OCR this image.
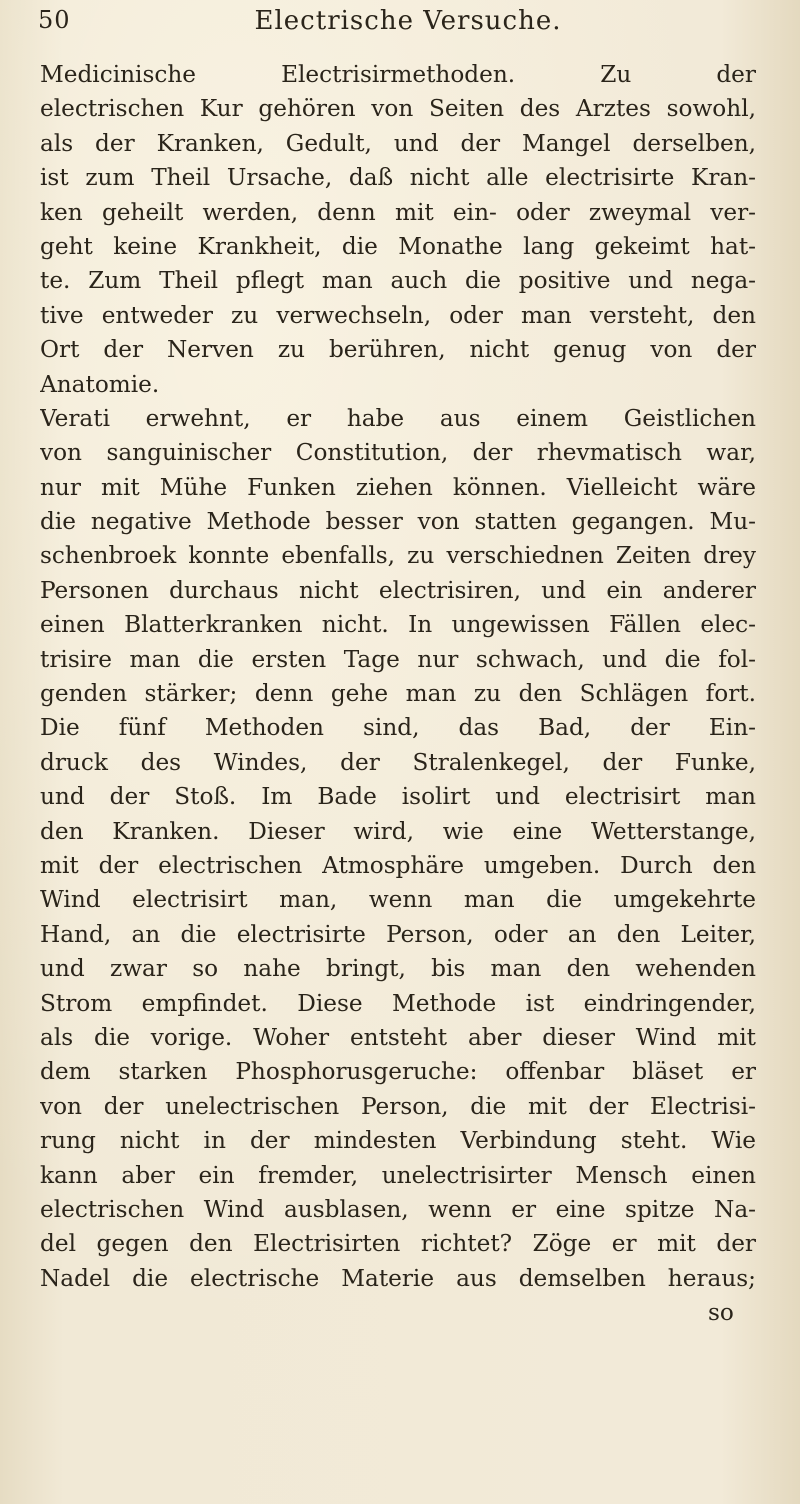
50	Electrische Versuche.
Medicinische Electrisirmethoden. Zu der
electrischen Kur gehören von Seiten des Arztes sowohl,
als der Kranken, Gedult, und der Mangel derselben,
ist zum Theil Ursache, daß nicht alle electrisirte Kran-
ken geheilt werden, denn mit ein- oder zweymal ver-
geht keine Krankheit, die Monathe lang gekeimt hat-
te. Zum Theil pflegt man auch die positive und nega-
tive entweder zu verwechseln, oder man versteht, den
Ort der Nerven zu berühren, nicht genug von der
Anatomie.
Verati erwehnt, er habe aus einem Geistlichen
von sanguinischer Constitution, der rhevmatisch war,
nur mit Mühe Funken ziehen können. Vielleicht wäre
die negative Methode besser von statten gegangen. Mu-
schenbroek konnte ebenfalls, zu verschiednen Zeiten drey
Personen durchaus nicht electrisiren, und ein anderer
einen Blatterkranken nicht. In ungewissen Fällen elec-
trisire man die ersten Tage nur schwach, und die fol-
genden stärker; denn gehe man zu den Schlägen fort.
Die fünf Methoden sind, das Bad, der Ein-
druck des Windes, der Stralenkegel, der Funke,
und der Stoß. Im Bade isolirt und electrisirt man
den Kranken. Dieser wird, wie eine Wetterstange,
mit der electrischen Atmosphäre umgeben. Durch den
Wind electrisirt man, wenn man die umgekehrte
Hand, an die electrisirte Person, oder an den Leiter,
und zwar so nahe bringt, bis man den wehenden
Strom empfindet. Diese Methode ist eindringender,
als die vorige. Woher entsteht aber dieser Wind mit
dem starken Phosphorusgeruche: offenbar bläset er
von der unelectrischen Person, die mit der Electrisi-
rung nicht in der mindesten Verbindung steht. Wie
kann aber ein fremder, unelectrisirter Mensch einen
electrischen Wind ausblasen, wenn er eine spitze Na-
del gegen den Electrisirten richtet? Zöge er mit der
Nadel die electrische Materie aus demselben heraus;
so
